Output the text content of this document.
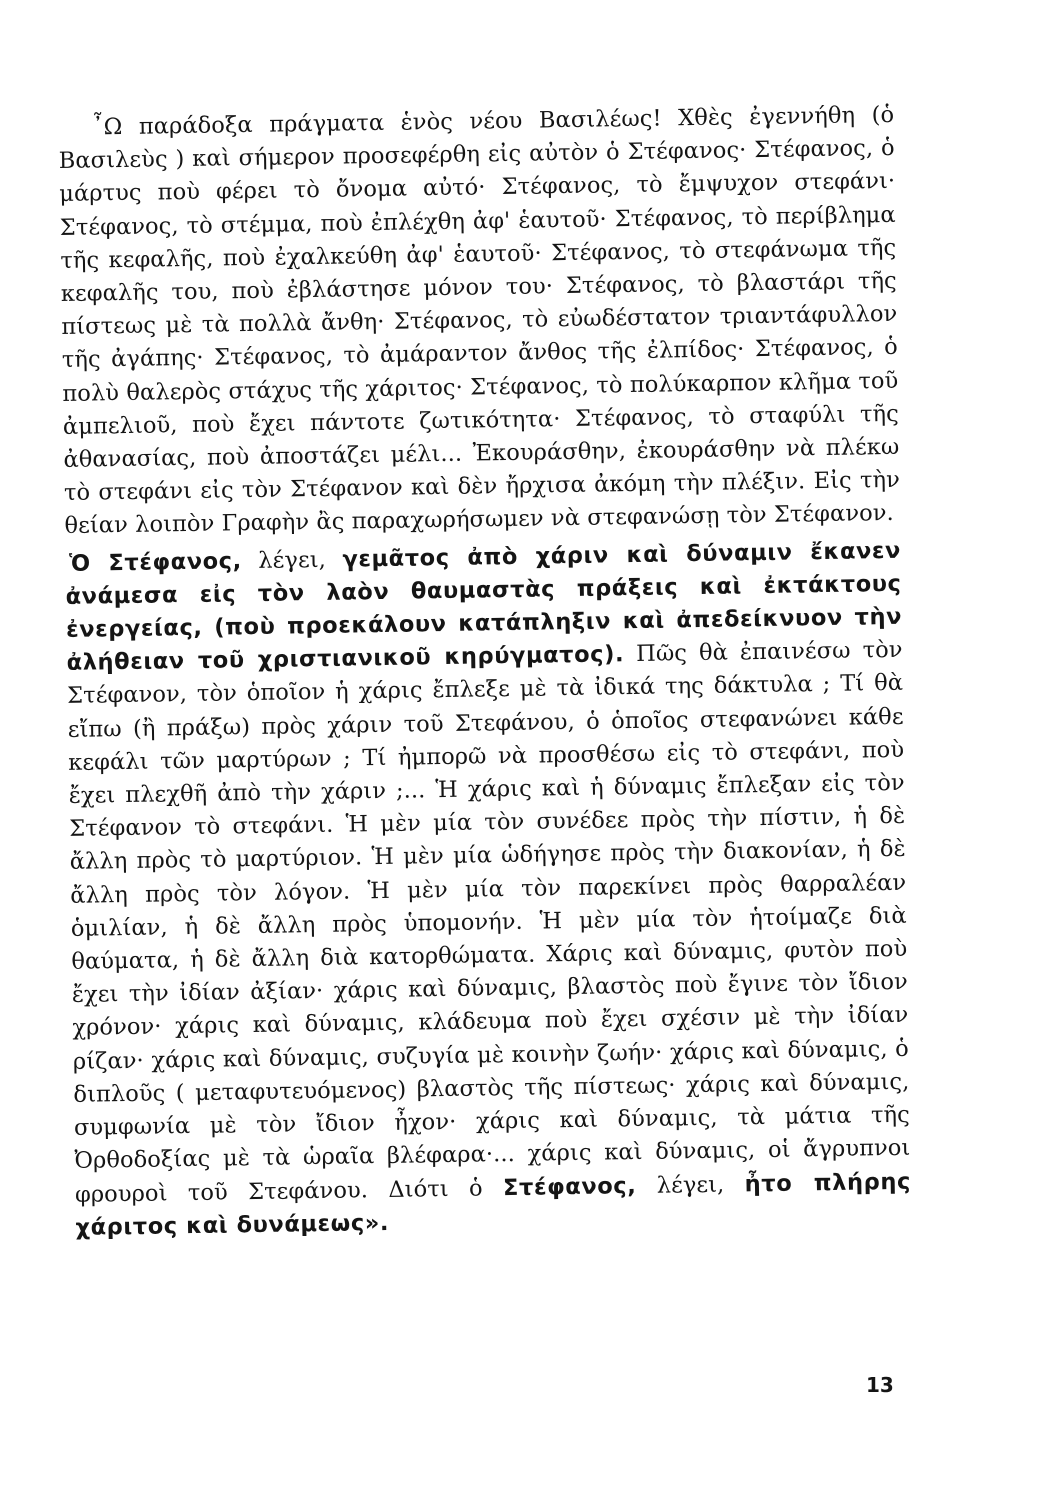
῏Ω παράδοξα πράγματα ἑνὸς νέου Βασιλέως! Χθὲς ἐγεννήθη (ὁ Βασιλεὺς ) καὶ σήμερον προσεφέρθη εἰς αὐτὸν ὁ Στέφανος· Στέφανος, ὁ μάρτυς ποὺ φέρει τὸ ὄνομα αὐτό· Στέφανος, τὸ ἔμψυχον στεφάνι· Στέφανος, τὸ στέμμα, ποὺ ἐπλέχθη ἀφ' ἑαυτοῦ· Στέφανος, τὸ περίβλημα τῆς κεφαλῆς, ποὺ ἐχαλκεύθη ἀφ' ἑαυτοῦ· Στέφανος, τὸ στεφάνωμα τῆς κεφαλῆς του, ποὺ ἐβλάστησε μόνον του· Στέφανος, τὸ βλαστάρι τῆς πίστεως μὲ τὰ πολλὰ ἄνθη· Στέφανος, τὸ εὐωδέστατον τριαντάφυλλον τῆς ἀγάπης· Στέφανος, τὸ ἀμάραντον ἄνθος τῆς ἐλπίδος· Στέφανος, ὁ πολὺ θαλερὸς στάχυς τῆς χάριτος· Στέφανος, τὸ πολύκαρπον κλῆμα τοῦ ἀμπελιοῦ, ποὺ ἔχει πάντοτε ζωτικότητα· Στέφανος, τὸ σταφύλι τῆς ἀθανασίας, ποὺ ἀποστάζει μέλι... Ἐκουράσθην, ἐκουράσθην νὰ πλέκω τὸ στεφάνι εἰς τὸν Στέφανον καὶ δὲν ἤρχισα ἀκόμη τὴν πλέξιν. Εἰς τὴν θείαν λοιπὸν Γραφὴν ἂς παραχωρήσωμεν νὰ στεφανώσῃ τὸν Στέφανον.

Ὁ Στέφανος, λέγει, γεμᾶτος ἀπὸ χάριν καὶ δύναμιν ἔκανεν ἀνάμεσα εἰς τὸν λαὸν θαυμαστὰς πράξεις καὶ ἐκτάκτους ἐνεργείας, (ποὺ προεκάλουν κατάπληξιν καὶ ἀπεδείκνυον τὴν ἀλήθειαν τοῦ χριστιανικοῦ κηρύγματος). Πῶς θὰ ἐπαινέσω τὸν Στέφανον, τὸν ὁποῖον ἡ χάρις ἔπλεξε μὲ τὰ ἰδικά της δάκτυλα ; Τί θὰ εἴπω (ἢ πράξω) πρὸς χάριν τοῦ Στεφάνου, ὁ ὁποῖος στεφανώνει κάθε κεφάλι τῶν μαρτύρων ; Τί ἠμπορῶ νὰ προσθέσω εἰς τὸ στεφάνι, ποὺ ἔχει πλεχθῆ ἀπὸ τὴν χάριν ;... Ἡ χάρις καὶ ἡ δύναμις ἔπλεξαν εἰς τὸν Στέφανον τὸ στεφάνι. Ἡ μὲν μία τὸν συνέδεε πρὸς τὴν πίστιν, ἡ δὲ ἄλλη πρὸς τὸ μαρτύριον. Ἡ μὲν μία ὡδήγησε πρὸς τὴν διακονίαν, ἡ δὲ ἄλλη πρὸς τὸν λόγον. Ἡ μὲν μία τὸν παρεκίνει πρὸς θαρραλέαν ὁμιλίαν, ἡ δὲ ἄλλη πρὸς ὑπομονήν. Ἡ μὲν μία τὸν ἡτοίμαζε διὰ θαύματα, ἡ δὲ ἄλλη διὰ κατορθώματα. Χάρις καὶ δύναμις, φυτὸν ποὺ ἔχει τὴν ἰδίαν ἀξίαν· χάρις καὶ δύναμις, βλαστὸς ποὺ ἔγινε τὸν ἴδιον χρόνον· χάρις καὶ δύναμις, κλάδευμα ποὺ ἔχει σχέσιν μὲ τὴν ἰδίαν ρίζαν· χάρις καὶ δύναμις, συζυγία μὲ κοινὴν ζωήν· χάρις καὶ δύναμις, ὁ διπλοῦς ( μεταφυτευόμενος) βλαστὸς τῆς πίστεως· χάρις καὶ δύναμις, συμφωνία μὲ τὸν ἴδιον ἦχον· χάρις καὶ δύναμις, τὰ μάτια τῆς Ὀρθοδοξίας μὲ τὰ ὡραῖα βλέφαρα·... χάρις καὶ δύναμις, οἱ ἄγρυπνοι φρουροὶ τοῦ Στεφάνου. Διότι ὁ Στέφανος, λέγει, ἦτο πλήρης χάριτος καὶ δυνάμεως».

13
